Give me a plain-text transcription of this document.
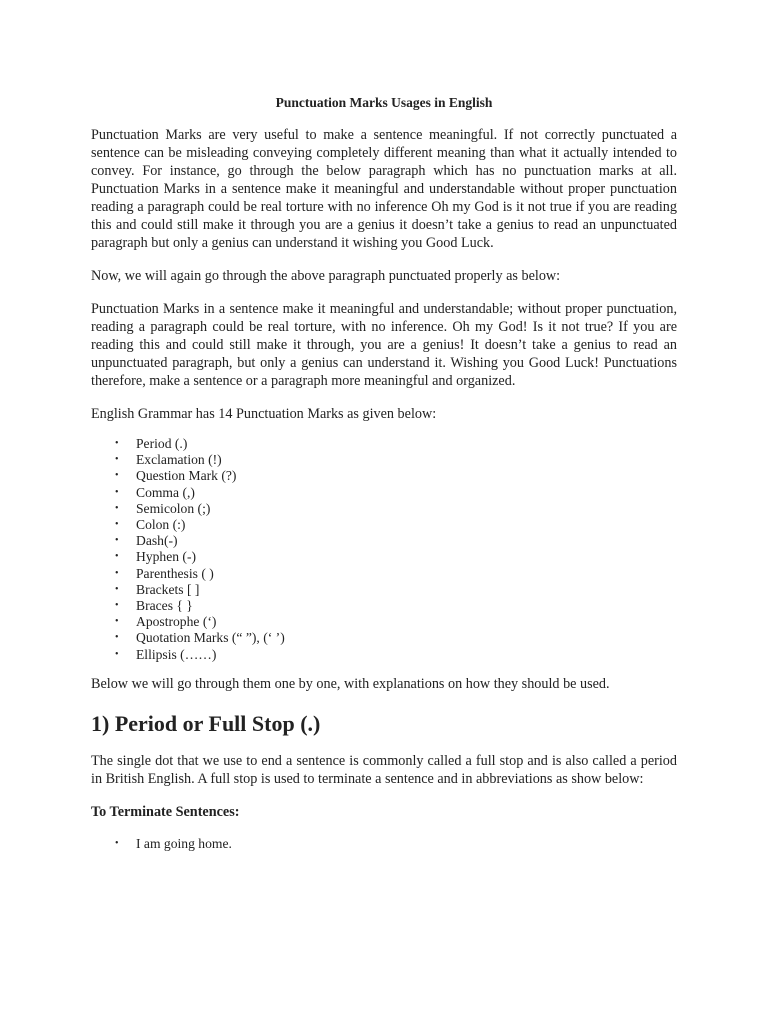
Punctuation Marks Usages in English

Punctuation Marks are very useful to make a sentence meaningful. If not correctly punctuated a sentence can be misleading conveying completely different meaning than what it actually intended to convey. For instance, go through the below paragraph which has no punctuation marks at all. Punctuation Marks in a sentence make it meaningful and understandable without proper punctuation reading a paragraph could be real torture with no inference Oh my God is it not true if you are reading this and could still make it through you are a genius it doesn’t take a genius to read an unpunctuated paragraph but only a genius can understand it wishing you Good Luck.

Now, we will again go through the above paragraph punctuated properly as below:

Punctuation Marks in a sentence make it meaningful and understandable; without proper punctuation, reading a paragraph could be real torture, with no inference. Oh my God! Is it not true? If you are reading this and could still make it through, you are a genius! It doesn’t take a genius to read an unpunctuated paragraph, but only a genius can understand it. Wishing you Good Luck! Punctuations therefore, make a sentence or a paragraph more meaningful and organized.

English Grammar has 14 Punctuation Marks as given below:

• Period (.)
• Exclamation (!)
• Question Mark (?)
• Comma (,)
• Semicolon (;)
• Colon (:)
• Dash(-)
• Hyphen (-)
• Parenthesis ( )
• Brackets [ ]
• Braces { }
• Apostrophe (‘)
• Quotation Marks (“ ”), (‘ ’)
• Ellipsis (……)

Below we will go through them one by one, with explanations on how they should be used.

1) Period or Full Stop (.)

The single dot that we use to end a sentence is commonly called a full stop and is also called a period in British English. A full stop is used to terminate a sentence and in abbreviations as show below:

To Terminate Sentences:

• I am going home.
